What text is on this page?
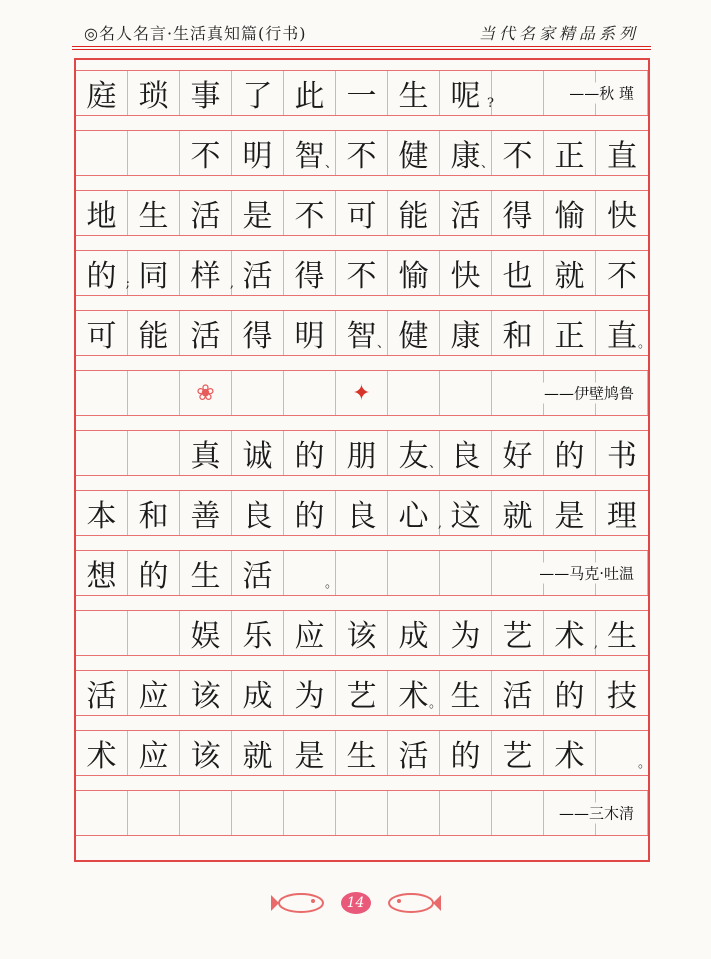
◎名人名言·生活真知篇(行书)	当代名家精品系列
庭 琐 事 了 此 一 生 呢 ?
——秋 瑾
不 明 智 、 不 健 康 、 不 正 直
地 生 活 是 不 可 能 活 得 愉 快
的 ; 同 样 , 活 得 不 愉 快 也 就 不
可 能 活 得 明 智 、 健 康 和 正 直 。
❀	✦	——伊壁鸠鲁
真 诚 的 朋 友 、 良 好 的 书
本 和 善 良 的 良 心 , 这 就 是 理
想 的 生 活	。
——马克·吐温
娱 乐 应 该 成 为 艺 术 , 生
活 应 该 成 为 艺 术 。 生 活 的 技
术 应 该 就 是 生 活 的 艺 术	。
——三木清
14
